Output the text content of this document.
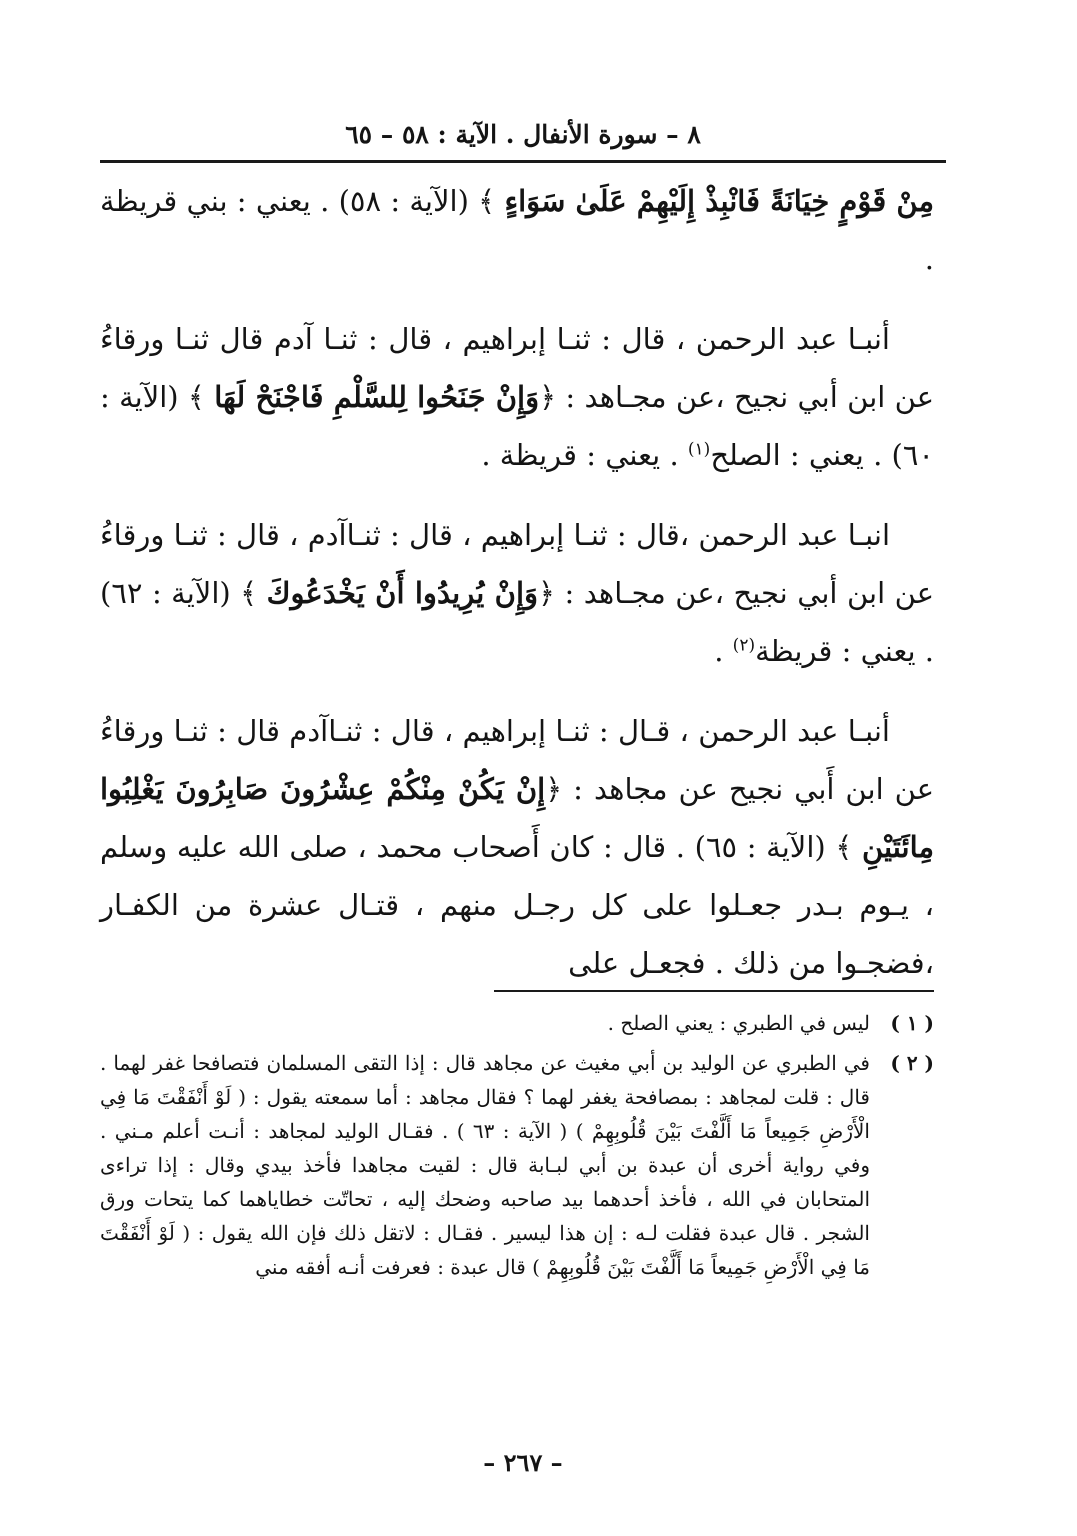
٨ – سورة الأنفال . الآية : ٥٨ – ٦٥

مِنْ قَوْمٍ خِيَانَةً فَانْبِذْ إِلَيْهِمْ عَلَىٰ سَوَاءٍ ﴾ (الآية : ٥٨) . يعني : بني قريظة .

أنبـا عبد الرحمن ، قال : ثنـا إبراهيم ، قال : ثنـا آدم قال ثنـا ورقاءُ عن ابن أبي نجيح ،عن مجـاهد : ﴿وَإِنْ جَنَحُوا لِلسَّلْمِ فَاجْنَحْ لَهَا ﴾ (الآية : ٦٠) . يعني : الصلح$^{(١)}$ . يعني : قريظة .

انبـا عبد الرحمن ،قال : ثنـا إبراهيم ، قال : ثنـاآدم ، قال : ثنـا ورقاءُ عن ابن أبي نجيح ،عن مجـاهد : ﴿وَإِنْ يُرِيدُوا أَنْ يَخْدَعُوكَ ﴾ (الآية : ٦٢) . يعني : قريظة$^{(٢)}$ .

أنبـا عبد الرحمن ، قـال : ثنـا إبراهيم ، قال : ثنـاآدم قال : ثنـا ورقاءُ عن ابن أَبي نجيح عن مجاهد : ﴿إِنْ يَكُنْ مِنْكُمْ عِشْرُونَ صَابِرُونَ يَغْلِبُوا مِائَتَيْنِ ﴾ (الآية : ٦٥) . قال : كان أَصحاب محمد ، صلى الله عليه وسلم ، يـوم بـدر جعـلوا على كل رجـل منهم ، قتـال عشرة من الكفـار ،فضجـوا من ذلك . فجعـل على

( ١ )
ليس في الطبري : يعني الصلح .
( ٢ )
في الطبري عن الوليد بن أبي مغيث عن مجاهد قال : إذا التقى المسلمان فتصافحا غفر لهما . قال : قلت لمجاهد : بمصافحة يغفر لهما ؟ فقال مجاهد : أما سمعته يقول : ( لَوْ أَنْفَقْتَ مَا فِي الْأَرْضِ جَمِيعاً مَا أَلَّفْتَ بَيْنَ قُلُوبِهِمْ ) ( الآية : ٦٣ ) . فقـال الوليد لمجاهد : أنـت أعلم مـني . وفي رواية أخرى أن عبدة بن أبي لبـابة قال : لقيت مجاهدا فأخذ بيدي وقال : إذا تراءى المتحابان في الله ، فأخذ أحدهما بيد صاحبه وضحك إليه ، تحاتّت خطاياهما كما يتحات ورق الشجر . قال عبدة فقلت لـه : إن هذا ليسير . فقـال : لاتقل ذلك فإن الله يقول : ( لَوْ أَنْفَقْتَ مَا فِي الْأَرْضِ جَمِيعاً مَا أَلَّفْتَ بَيْنَ قُلُوبِهِمْ ) قال عبدة : فعرفت أنـه أفقه مني
– ٢٦٧ –
